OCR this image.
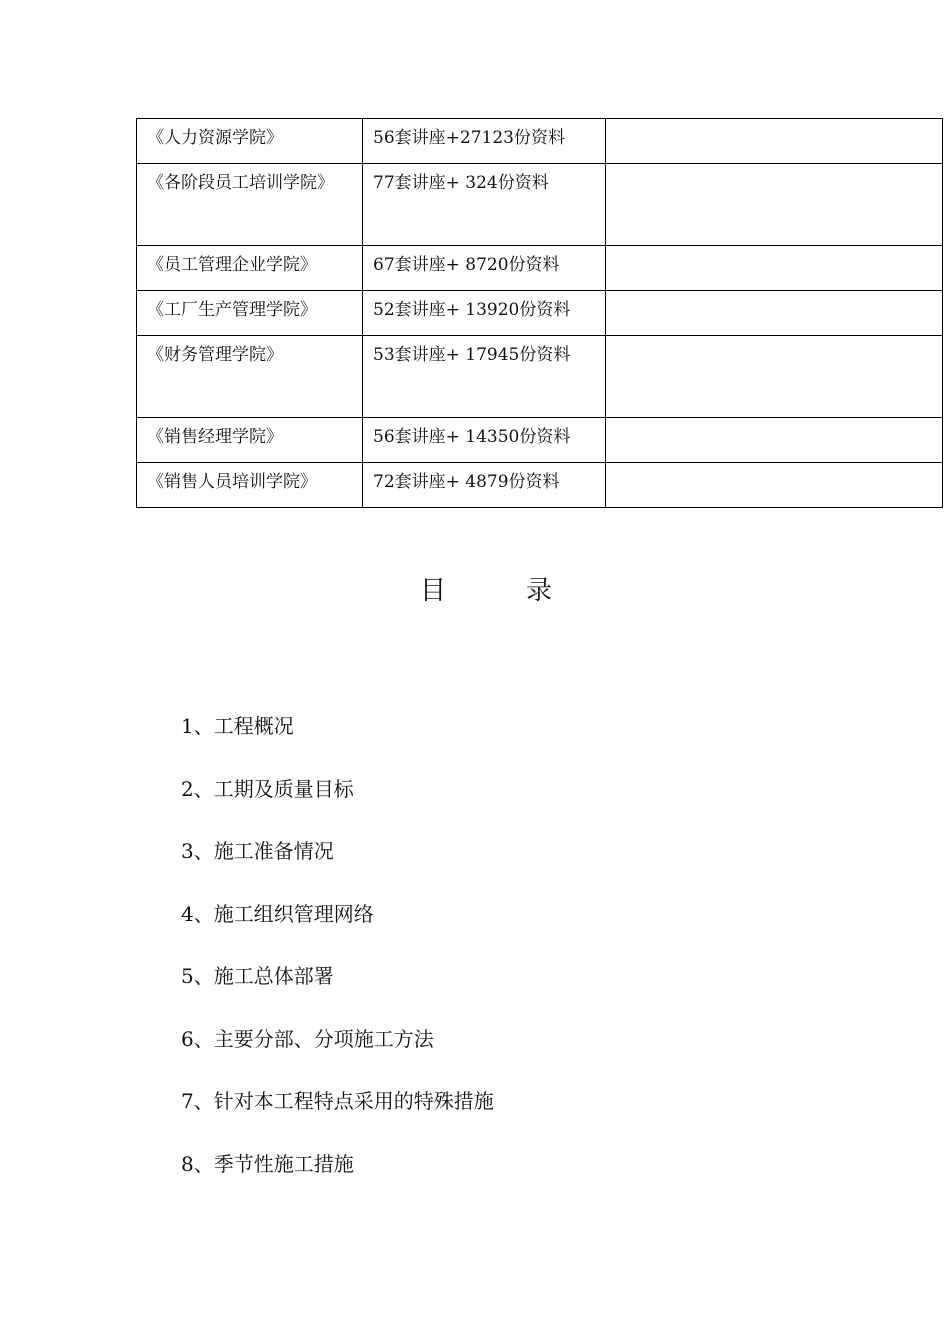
《人力资源学院》	56套讲座+27123份资料	

《各阶段员工培训学院》	77套讲座+ 324份资料	

《员工管理企业学院》	67套讲座+ 8720份资料	

《工厂生产管理学院》	52套讲座+ 13920份资料	

《财务管理学院》	53套讲座+ 17945份资料	

《销售经理学院》	56套讲座+ 14350份资料	

《销售人员培训学院》	72套讲座+ 4879份资料	

目	录
1、工程概况
2、工期及质量目标
3、施工准备情况
4、施工组织管理网络
5、施工总体部署
6、主要分部、分项施工方法
7、针对本工程特点采用的特殊措施
8、季节性施工措施
